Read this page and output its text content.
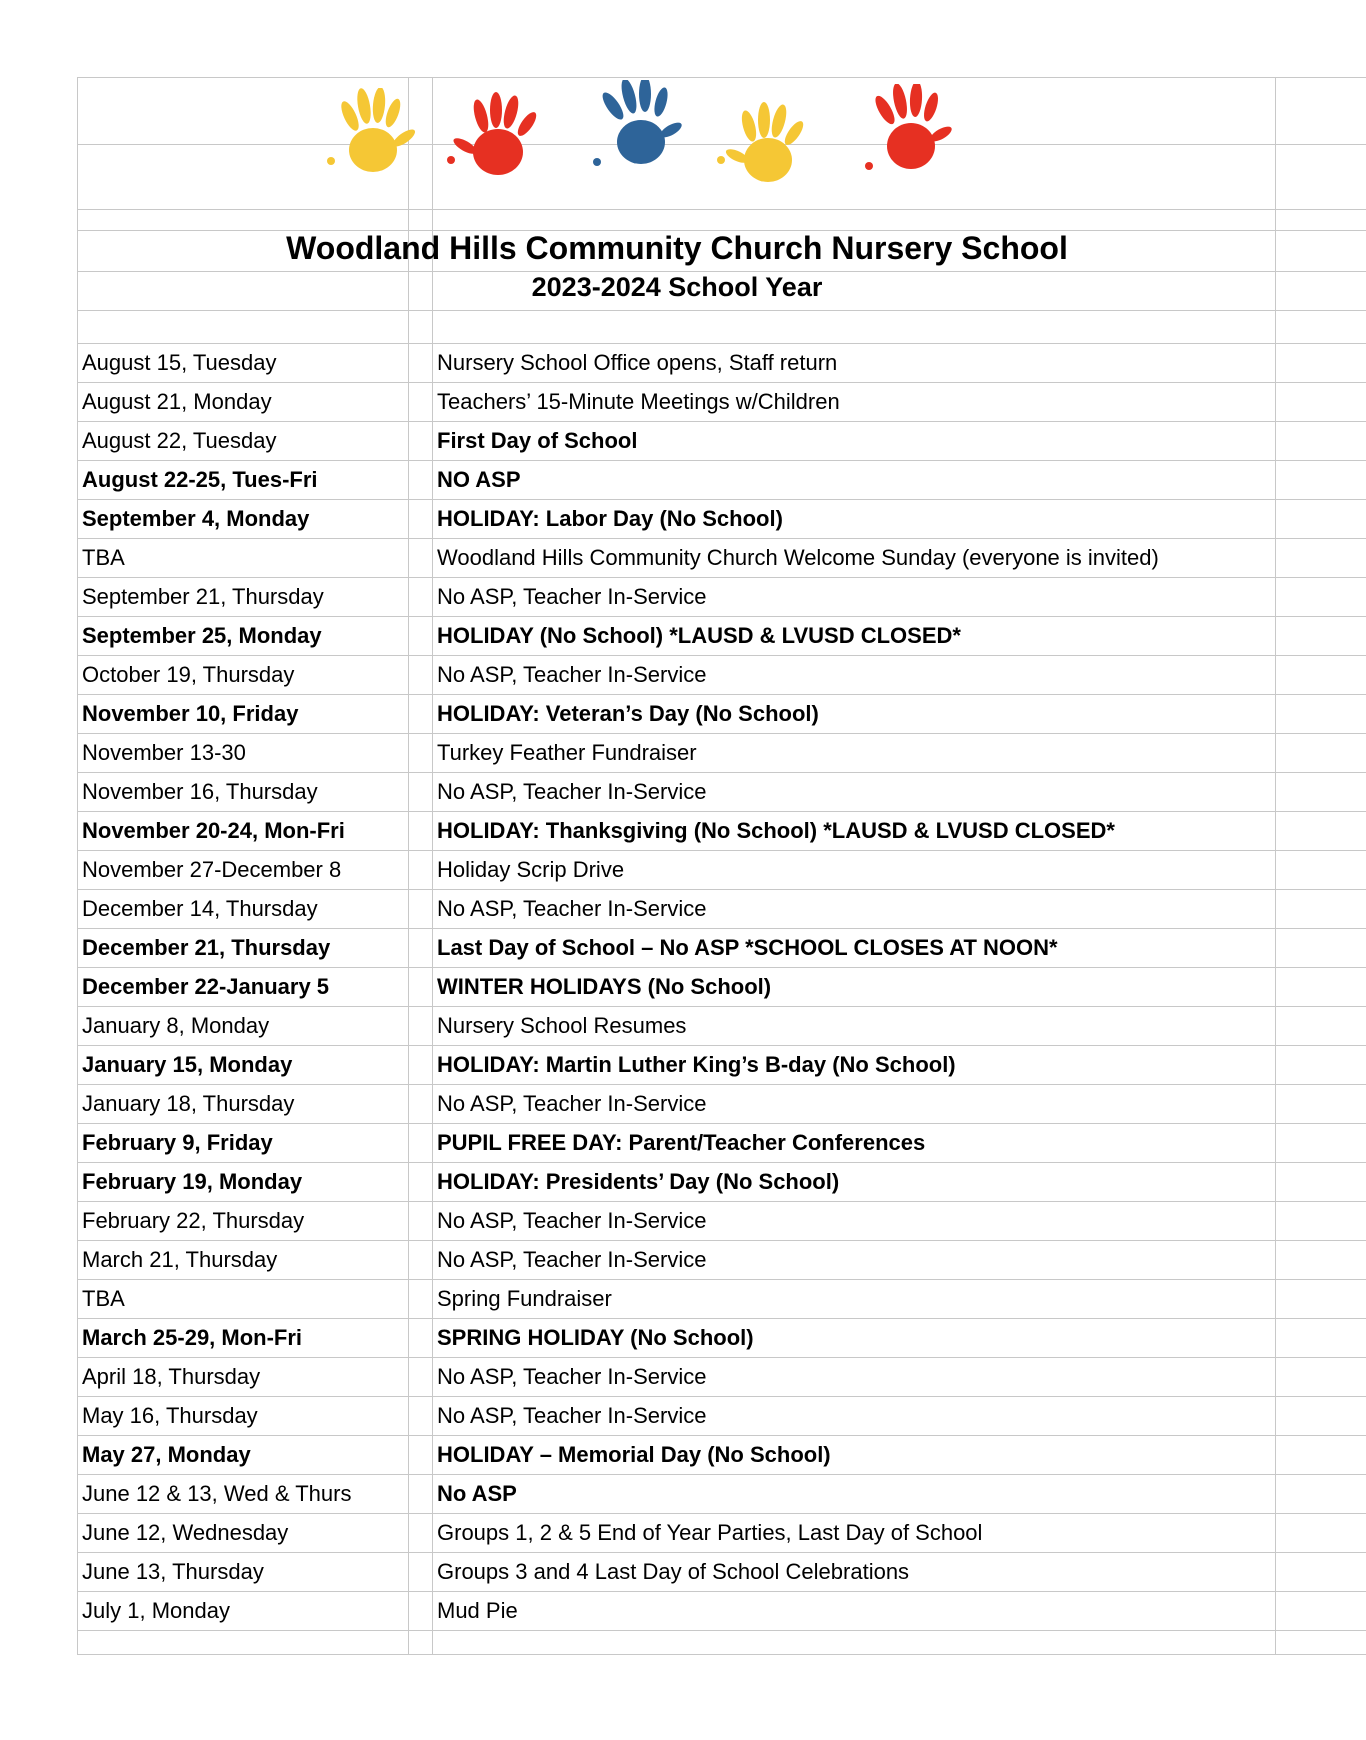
Woodland Hills Community Church Nursery School
2023-2024 School Year
August 15, Tuesday	Nursery School Office opens, Staff return
August 21, Monday	Teachers’ 15-Minute Meetings w/Children
August 22, Tuesday	First Day of School
August 22-25, Tues-Fri	NO ASP
September 4, Monday	HOLIDAY: Labor Day (No School)
TBA	Woodland Hills Community Church Welcome Sunday (everyone is invited)
September 21, Thursday	No ASP, Teacher In-Service
September 25, Monday	HOLIDAY (No School) *LAUSD & LVUSD CLOSED*
October 19, Thursday	No ASP, Teacher In-Service
November 10, Friday	HOLIDAY: Veteran’s Day (No School)
November 13-30	Turkey Feather Fundraiser
November 16, Thursday	No ASP, Teacher In-Service
November 20-24, Mon-Fri	HOLIDAY: Thanksgiving (No School) *LAUSD & LVUSD CLOSED*
November 27-December 8	Holiday Scrip Drive
December 14, Thursday	No ASP, Teacher In-Service
December 21, Thursday	Last Day of School – No ASP *SCHOOL CLOSES AT NOON*
December 22-January 5	WINTER HOLIDAYS (No School)
January 8, Monday	Nursery School Resumes
January 15, Monday	HOLIDAY: Martin Luther King’s B-day (No School)
January 18, Thursday	No ASP, Teacher In-Service
February 9, Friday	PUPIL FREE DAY: Parent/Teacher Conferences
February 19, Monday	HOLIDAY: Presidents’ Day (No School)
February 22, Thursday	No ASP, Teacher In-Service
March 21, Thursday	No ASP, Teacher In-Service
TBA	Spring Fundraiser
March 25-29, Mon-Fri	SPRING HOLIDAY (No School)
April 18, Thursday	No ASP, Teacher In-Service
May 16, Thursday	No ASP, Teacher In-Service
May 27, Monday	HOLIDAY – Memorial Day (No School)
June 12 & 13, Wed & Thurs	No ASP
June 12, Wednesday	Groups 1, 2 & 5 End of Year Parties, Last Day of School
June 13, Thursday	Groups 3 and 4 Last Day of School Celebrations
July 1, Monday	Mud Pie
